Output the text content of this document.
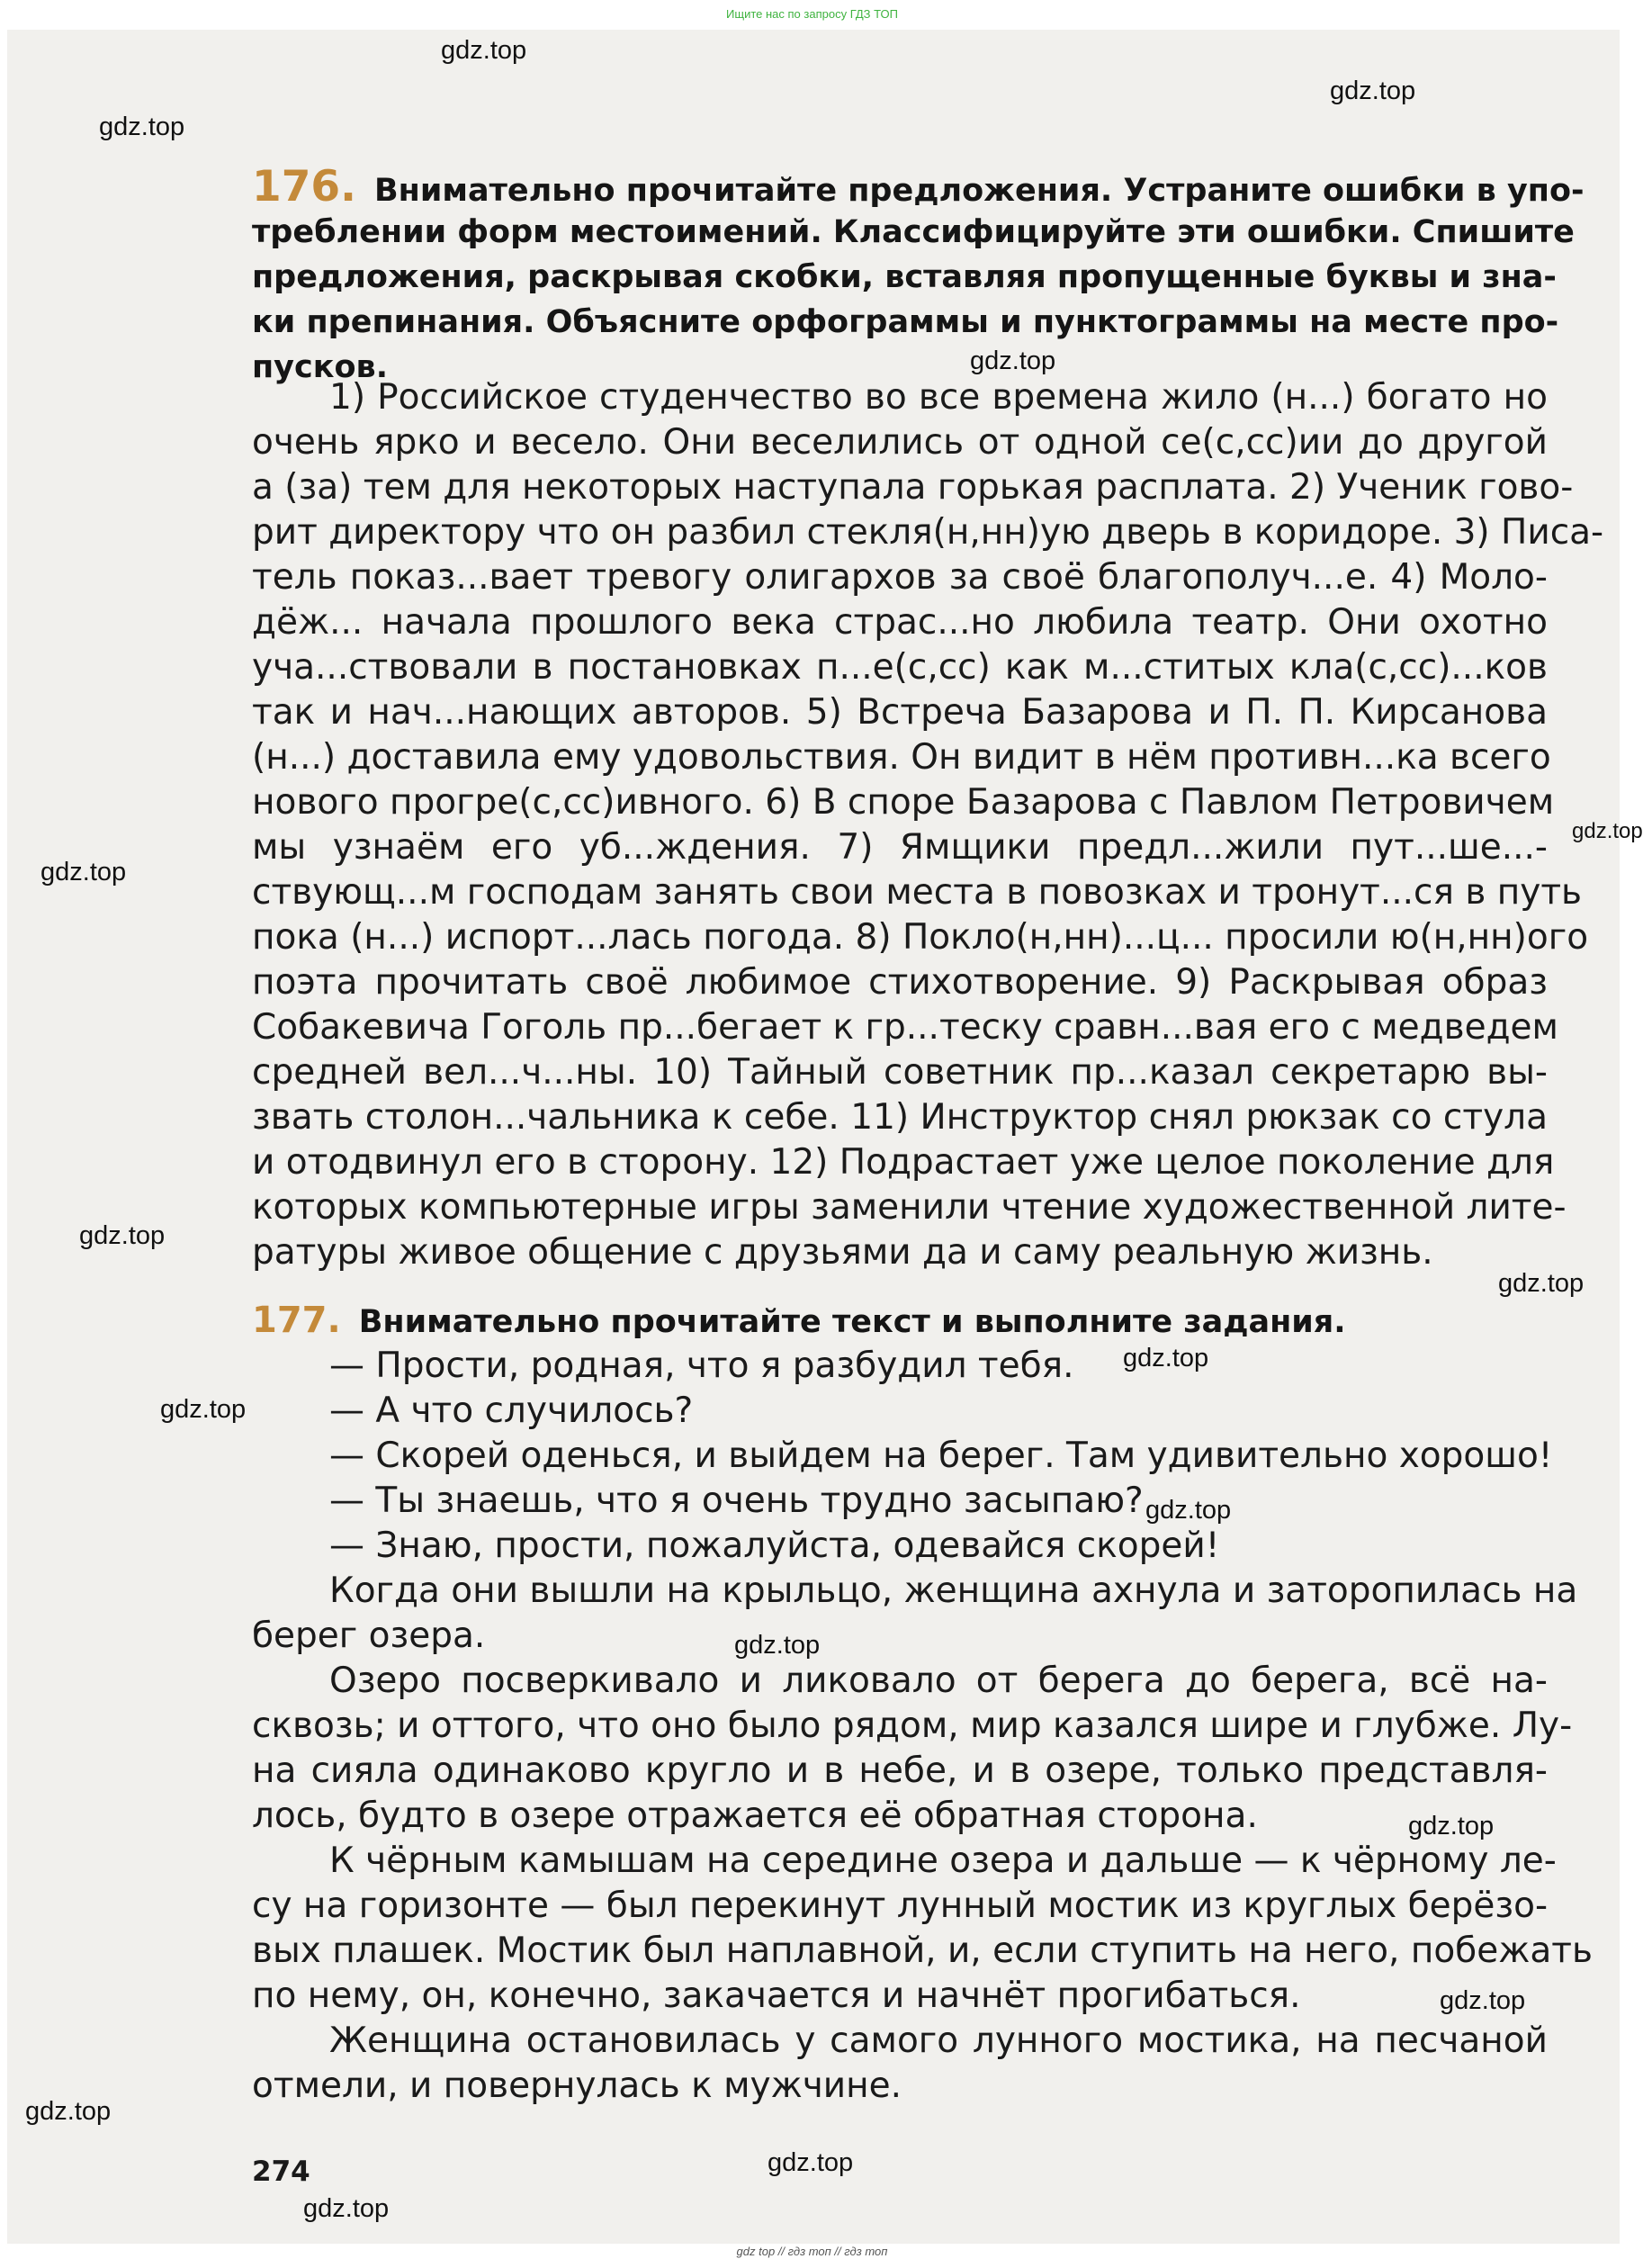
Ищите нас по запросу ГДЗ ТОП
176. Внимательно прочитайте предложения. Устраните ошибки в упо-
треблении форм местоимений. Классифицируйте эти ошибки. Спишите
предложения, раскрывая скобки, вставляя пропущенные буквы и зна-
ки препинания. Объясните орфограммы и пунктограммы на месте про-
пусков.
1) Российское студенчество во все времена жило (н...) богато но
очень ярко и весело. Они веселились от одной се(с,сс)ии до другой
а (за) тем для некоторых наступала горькая расплата. 2) Ученик гово-
рит директору что он разбил стекля(н,нн)ую дверь в коридоре. 3) Писа-
тель показ...вает тревогу олигархов за своё благополуч...е. 4) Моло-
дёж... начала прошлого века страс...но любила театр. Они охотно
уча...ствовали в постановках п...е(с,сс) как м...ститых кла(с,сс)...ков
так и нач...нающих авторов. 5) Встреча Базарова и П. П. Кирсанова
(н...) доставила ему удовольствия. Он видит в нём противн...ка всего
нового прогре(с,сс)ивного. 6) В споре Базарова с Павлом Петровичем
мы узнаём его уб...ждения. 7) Ямщики предл...жили пут...ше...-
ствующ...м господам занять свои места в повозках и тронут...ся в путь
пока (н...) испорт...лась погода. 8) Покло(н,нн)...ц... просили ю(н,нн)ого
поэта прочитать своё любимое стихотворение. 9) Раскрывая образ
Собакевича Гоголь пр...бегает к гр...теску сравн...вая его с медведем
средней вел...ч...ны. 10) Тайный советник пр...казал секретарю вы-
звать столон...чальника к себе. 11) Инструктор снял рюкзак со стула
и отодвинул его в сторону. 12) Подрастает уже целое поколение для
которых компьютерные игры заменили чтение художественной лите-
ратуры живое общение с друзьями да и саму реальную жизнь.
177. Внимательно прочитайте текст и выполните задания.
— Прости, родная, что я разбудил тебя.
— А что случилось?
— Скорей оденься, и выйдем на берег. Там удивительно хорошо!
— Ты знаешь, что я очень трудно засыпаю?
— Знаю, прости, пожалуйста, одевайся скорей!
Когда они вышли на крыльцо, женщина ахнула и заторопилась на
берег озера.
Озеро посверкивало и ликовало от берега до берега, всё на-
сквозь; и оттого, что оно было рядом, мир казался шире и глубже. Лу-
на сияла одинаково кругло и в небе, и в озере, только представля-
лось, будто в озере отражается её обратная сторона.
К чёрным камышам на середине озера и дальше — к чёрному ле-
су на горизонте — был перекинут лунный мостик из круглых берёзо-
вых плашек. Мостик был наплавной, и, если ступить на него, побежать
по нему, он, конечно, закачается и начнёт прогибаться.
Женщина остановилась у самого лунного мостика, на песчаной
отмели, и повернулась к мужчине.
274
gdz.top
gdz.top
gdz.top
gdz.top
gdz.top
gdz.top
gdz.top
gdz.top
gdz.top
gdz.top
gdz.top
gdz.top
gdz.top
gdz.top
gdz.top
gdz.top
gdz.top
gdz top // гдз топ // гдз топ
